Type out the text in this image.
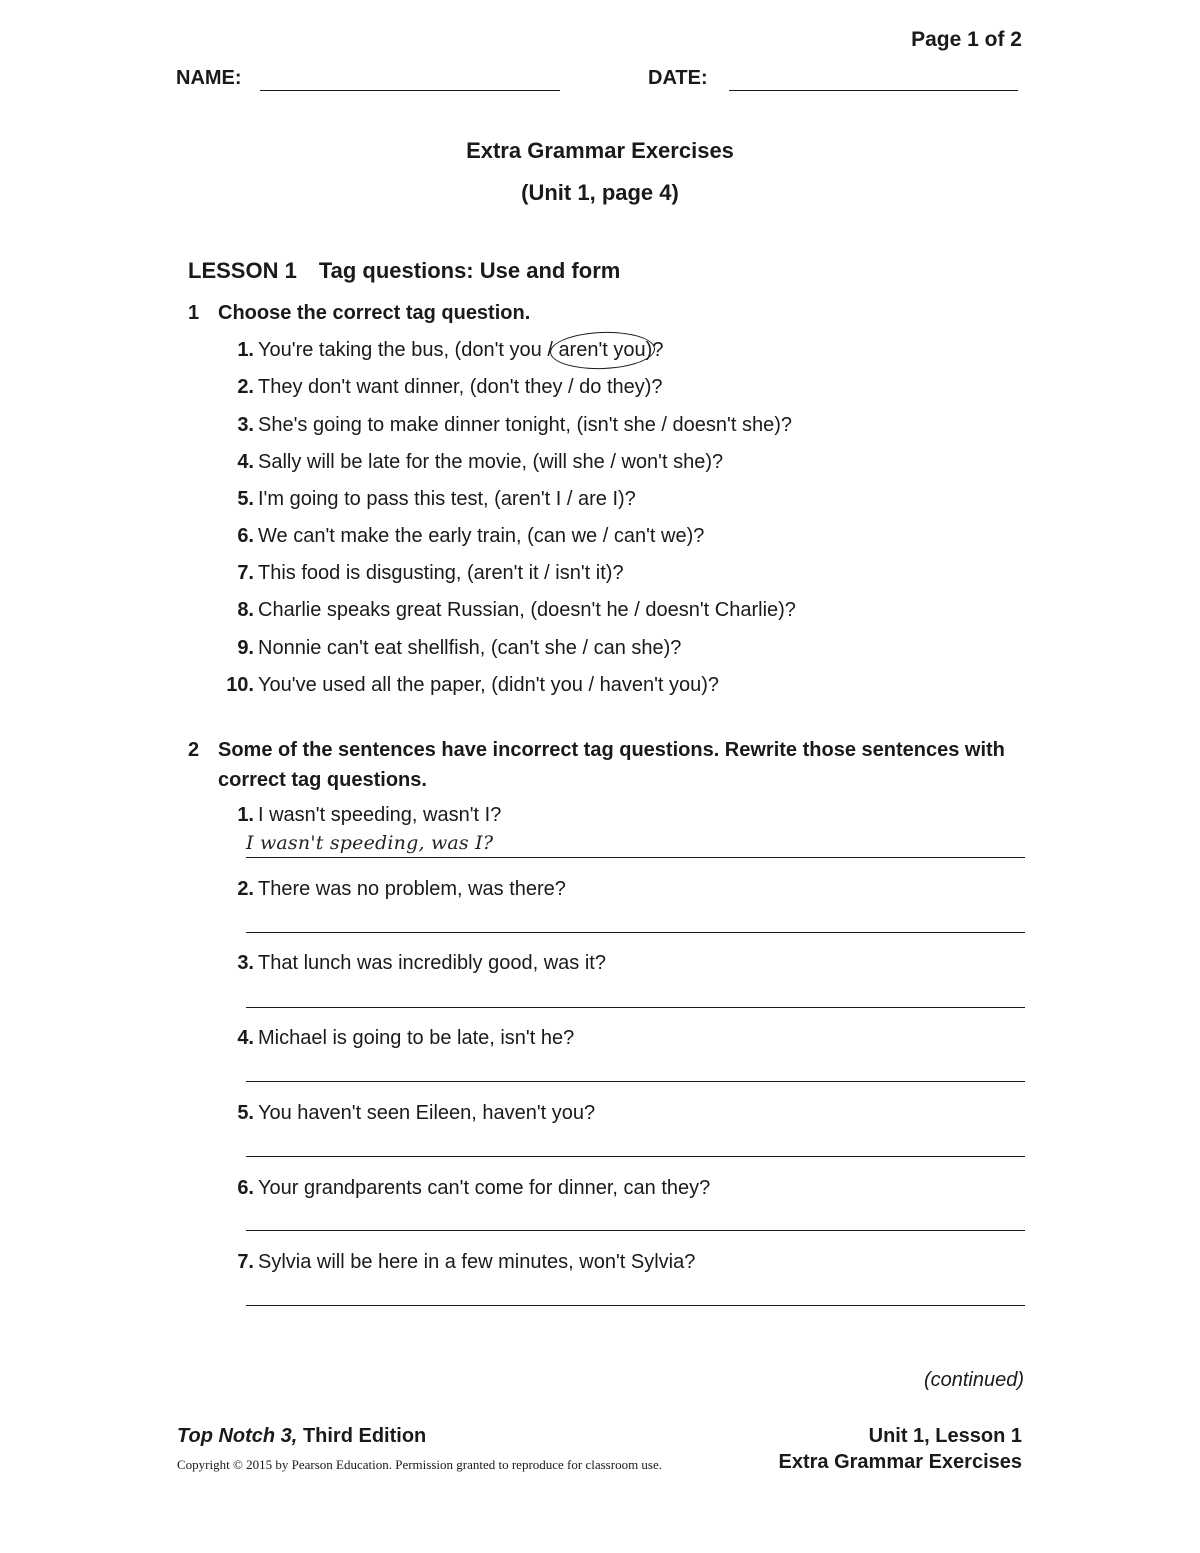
Page 1 of 2
NAME:	DATE:
Extra Grammar Exercises
(Unit 1, page 4)
LESSON 1 Tag questions: Use and form
1 Choose the correct tag question.
1. You're taking the bus, (don't you / aren't you)?
2. They don't want dinner, (don't they / do they)?
3. She's going to make dinner tonight, (isn't she / doesn't she)?
4. Sally will be late for the movie, (will she / won't she)?
5. I'm going to pass this test, (aren't I / are I)?
6. We can't make the early train, (can we / can't we)?
7. This food is disgusting, (aren't it / isn't it)?
8. Charlie speaks great Russian, (doesn't he / doesn't Charlie)?
9. Nonnie can't eat shellfish, (can't she / can she)?
10. You've used all the paper, (didn't you / haven't you)?
2 Some of the sentences have incorrect tag questions. Rewrite those sentences with correct tag questions.
1. I wasn't speeding, wasn't I?
I wasn't speeding, was I?
2. There was no problem, was there?
3. That lunch was incredibly good, was it?
4. Michael is going to be late, isn't he?
5. You haven't seen Eileen, haven't you?
6. Your grandparents can't come for dinner, can they?
7. Sylvia will be here in a few minutes, won't Sylvia?
(continued)
Top Notch 3, Third Edition	Unit 1, Lesson 1
Copyright © 2015 by Pearson Education. Permission granted to reproduce for classroom use.	Extra Grammar Exercises
